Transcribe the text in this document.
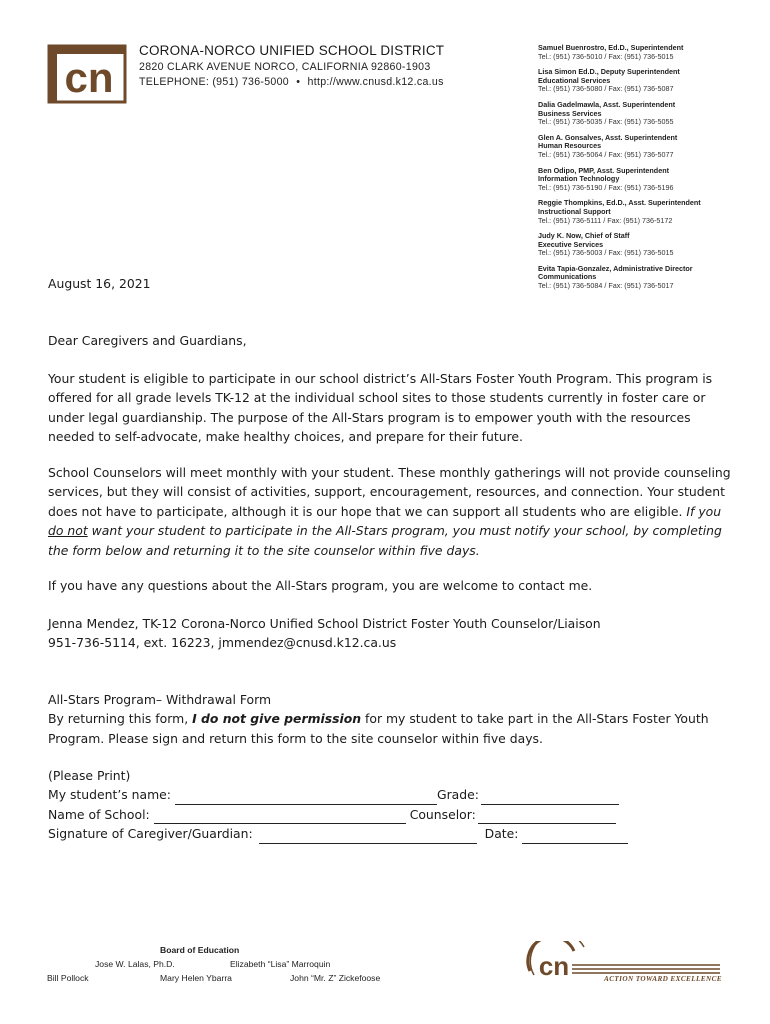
cn
CORONA-NORCO UNIFIED SCHOOL DISTRICT
2820 CLARK AVENUE NORCO, CALIFORNIA 92860-1903
TELEPHONE: (951) 736-5000 • http://www.cnusd.k12.ca.us
Samuel Buenrostro, Ed.D., Superintendent
Tel.: (951) 736-5010 / Fax: (951) 736-5015
Lisa Simon Ed.D., Deputy Superintendent
Educational Services
Tel.: (951) 736-5080 / Fax: (951) 736-5087
Dalia Gadelmawla, Asst. Superintendent
Business Services
Tel.: (951) 736-5035 / Fax: (951) 736-5055
Glen A. Gonsalves, Asst. Superintendent
Human Resources
Tel.: (951) 736-5064 / Fax: (951) 736-5077
Ben Odipo, PMP, Asst. Superintendent
Information Technology
Tel.: (951) 736-5190 / Fax: (951) 736-5196
Reggie Thompkins, Ed.D., Asst. Superintendent
Instructional Support
Tel.: (951) 736-5111 / Fax: (951) 736-5172
Judy K. Now, Chief of Staff
Executive Services
Tel.: (951) 736-5003 / Fax: (951) 736-5015
Evita Tapia-Gonzalez, Administrative Director
Communications
Tel.: (951) 736-5084 / Fax: (951) 736-5017
August 16, 2021
Dear Caregivers and Guardians,
Your student is eligible to participate in our school district’s All-Stars Foster Youth Program. This program is offered for all grade levels TK-12 at the individual school sites to those students currently in foster care or under legal guardianship. The purpose of the All-Stars program is to empower youth with the resources needed to self-advocate, make healthy choices, and prepare for their future.
School Counselors will meet monthly with your student. These monthly gatherings will not provide counseling services, but they will consist of activities, support, encouragement, resources, and connection. Your student does not have to participate, although it is our hope that we can support all students who are eligible. If you do not want your student to participate in the All-Stars program, you must notify your school, by completing the form below and returning it to the site counselor within five days.
If you have any questions about the All-Stars program, you are welcome to contact me.
Jenna Mendez, TK-12 Corona-Norco Unified School District Foster Youth Counselor/Liaison
951-736-5114, ext. 16223, jmmendez@cnusd.k12.ca.us
All-Stars Program– Withdrawal Form
By returning this form, I do not give permission for my student to take part in the All-Stars Foster Youth Program. Please sign and return this form to the site counselor within five days.
(Please Print)
My student’s name:	Grade:
Name of School:	Counselor:
Signature of Caregiver/Guardian:	Date:
Board of Education
Jose W. Lalas, Ph.D.	Elizabeth “Lisa” Marroquin
Bill Pollock	Mary Helen Ybarra	John “Mr. Z” Zickefoose	cn	ACTION TOWARD EXCELLENCE
